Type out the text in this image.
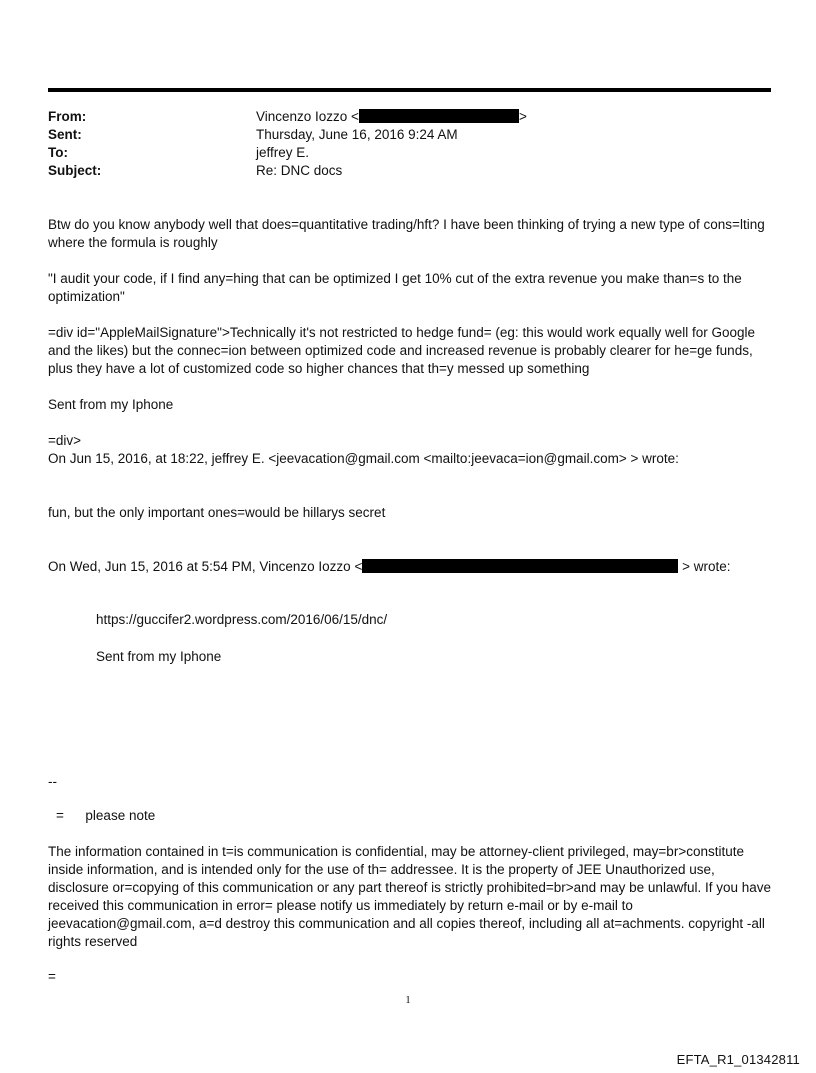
From:	Vincenzo Iozzo <	>
Sent:	Thursday, June 16, 2016 9:24 AM
To:	jeffrey E.
Subject:	Re: DNC docs

Btw do you know anybody well that does=quantitative trading/hft? I have been thinking of trying a new type of cons=lting where the formula is roughly

"I audit your code, if I find any=hing that can be optimized I get 10% cut of the extra revenue you make than=s to the optimization"

=div id="AppleMailSignature">Technically it's not restricted to hedge fund= (eg: this would work equally well for Google and the likes) but the connec=ion between optimized code and increased revenue is probably clearer for he=ge funds, plus they have a lot of customized code so higher chances that th=y messed up something

Sent from my Iphone

=div>

On Jun 15, 2016, at 18:22, jeffrey E. <jeevacation@gmail.com <mailto:jeevaca=ion@gmail.com> > wrote:

fun, but the only important ones=would be hillarys secret

On Wed, Jun 15, 2016 at 5:54 PM, Vincenzo Iozzo <	> wrote:

https://guccifer2.wordpress.com/2016/06/15/dnc/

Sent from my Iphone

--

= please note

The information contained in t=is communication is confidential, may be attorney-client privileged, may=br>constitute inside information, and is intended only for the use of th= addressee. It is the property of JEE Unauthorized use, disclosure or=copying of this communication or any part thereof is strictly prohibited=br>and may be unlawful. If you have received this communication in error= please notify us immediately by return e-mail or by e-mail to jeevacation@gmail.com, a=d destroy this communication and all copies thereof, including all at=achments. copyright -all rights reserved

=

1
EFTA_R1_01342811
